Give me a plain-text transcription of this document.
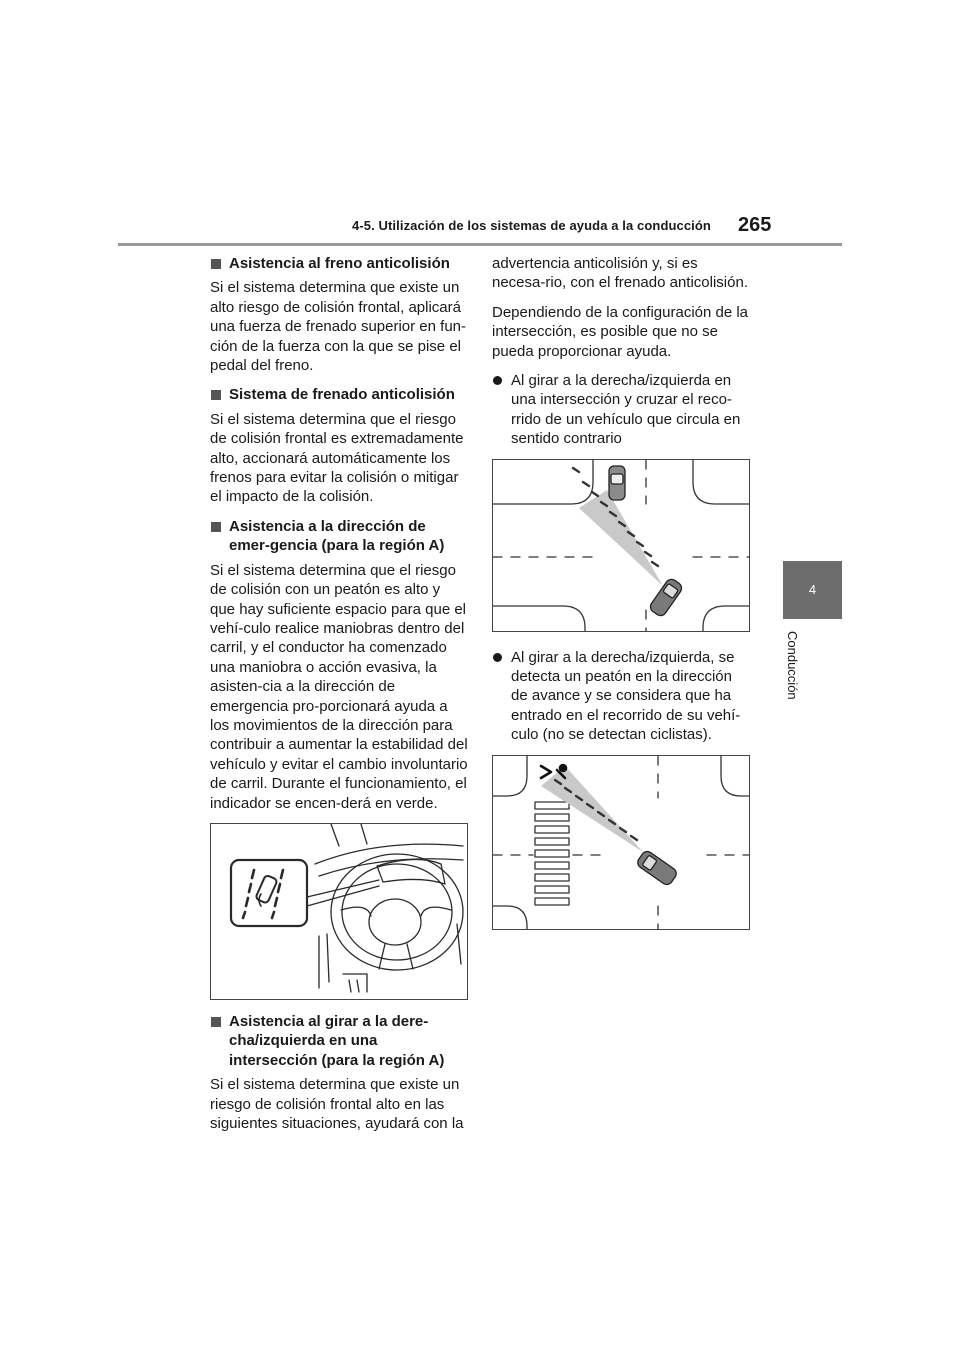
4-5. Utilización de los sistemas de ayuda a la conducción 265
4
Conducción
Asistencia al freno anticolisión

Si el sistema determina que existe un alto riesgo de colisión frontal, aplicará una fuerza de frenado superior en fun-ción de la fuerza con la que se pise el pedal del freno.

Sistema de frenado anticolisión

Si el sistema determina que el riesgo de colisión frontal es extremadamente alto, accionará automáticamente los frenos para evitar la colisión o mitigar el impacto de la colisión.

Asistencia a la dirección de emer-gencia (para la región A)

Si el sistema determina que el riesgo de colisión con un peatón es alto y que hay suficiente espacio para que el vehí-culo realice maniobras dentro del carril, y el conductor ha comenzado una maniobra o acción evasiva, la asisten-cia a la dirección de emergencia pro-porcionará ayuda a los movimientos de la dirección para contribuir a aumentar la estabilidad del vehículo y evitar el cambio involuntario de carril. Durante el funcionamiento, el indicador se encen-derá en verde.

Asistencia al girar a la dere-cha/izquierda en una intersección (para la región A)

Si el sistema determina que existe un riesgo de colisión frontal alto en las siguientes situaciones, ayudará con la

advertencia anticolisión y, si es necesa-rio, con el frenado anticolisión.

Dependiendo de la configuración de la intersección, es posible que no se pueda proporcionar ayuda.

Al girar a la derecha/izquierda en una intersección y cruzar el reco-rrido de un vehículo que circula en sentido contrario
Al girar a la derecha/izquierda, se detecta un peatón en la dirección de avance y se considera que ha entrado en el recorrido de su vehí-culo (no se detectan ciclistas).
